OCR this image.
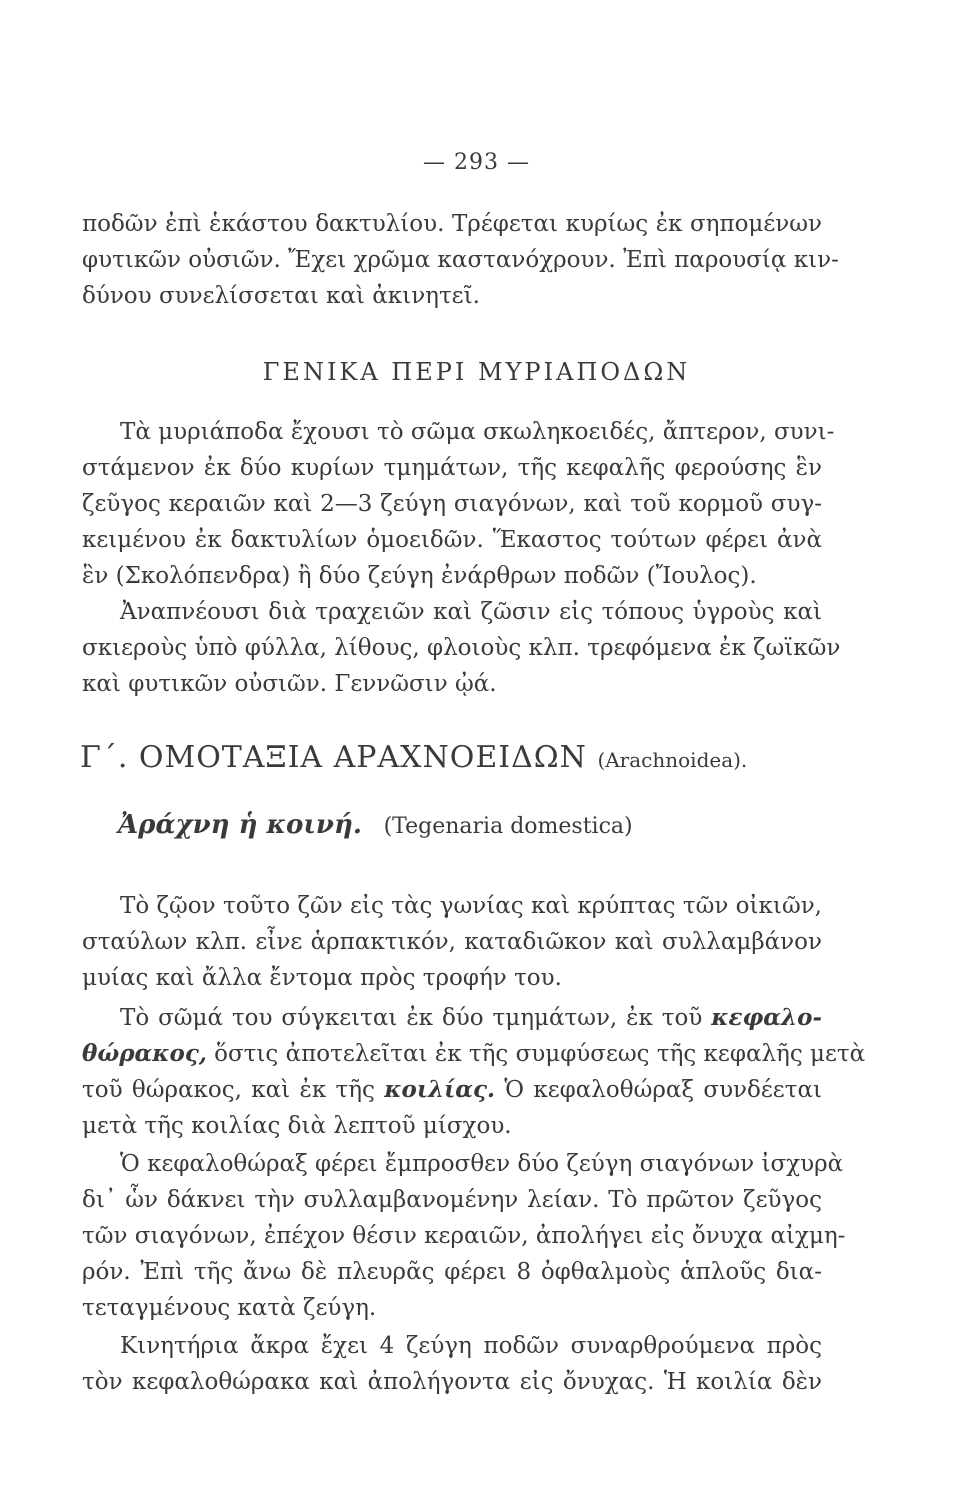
— 293 —
ποδῶν ἐπὶ ἑκάστου δακτυλίου. Τρέφεται κυρίως ἐκ σηπομένων
φυτικῶν οὐσιῶν. Ἔχει χρῶμα καστανόχρουν. Ἐπὶ παρουσίᾳ κιν-
δύνου συνελίσσεται καὶ ἀκινητεῖ.
ΓΕΝΙΚΑ ΠΕΡΙ ΜΥΡΙΑΠΟΔΩΝ
Τὰ μυριάποδα ἔχουσι τὸ σῶμα σκωληκοειδές, ἄπτερον, συνι-
στάμενον ἐκ δύο κυρίων τμημάτων, τῆς κεφαλῆς φερούσης ἓν
ζεῦγος κεραιῶν καὶ 2—3 ζεύγη σιαγόνων, καὶ τοῦ κορμοῦ συγ-
κειμένου ἐκ δακτυλίων ὁμοειδῶν. Ἕκαστος τούτων φέρει ἀνὰ
ἓν (Σκολόπενδρα) ἢ δύο ζεύγη ἐνάρθρων ποδῶν (Ἴουλος).
Ἀναπνέουσι διὰ τραχειῶν καὶ ζῶσιν εἰς τόπους ὑγροὺς καὶ
σκιεροὺς ὑπὸ φύλλα, λίθους, φλοιοὺς κλπ. τρεφόμενα ἐκ ζωϊκῶν
καὶ φυτικῶν οὐσιῶν. Γεννῶσιν ᾠά.
Γ΄. ΟΜΟΤΑΞΙΑ ΑΡΑΧΝΟΕΙΔΩΝ (Arachnoidea).
Ἀράχνη ἡ κοινή. (Tegenaria domestica)
Τὸ ζῷον τοῦτο ζῶν εἰς τὰς γωνίας καὶ κρύπτας τῶν οἰκιῶν,
σταύλων κλπ. εἶνε ἁρπακτικόν, καταδιῶκον καὶ συλλαμβάνον
μυίας καὶ ἄλλα ἔντομα πρὸς τροφήν του.
Τὸ σῶμά του σύγκειται ἐκ δύο τμημάτων, ἐκ τοῦ κεφαλο-
θώρακος, ὅστις ἀποτελεῖται ἐκ τῆς συμφύσεως τῆς κεφαλῆς μετὰ
τοῦ θώρακος, καὶ ἐκ τῆς κοιλίας. Ὁ κεφαλοθώραξ συνδέεται
μετὰ τῆς κοιλίας διὰ λεπτοῦ μίσχου.
Ὁ κεφαλοθώραξ φέρει ἔμπροσθεν δύο ζεύγη σιαγόνων ἰσχυρὰ
δι᾽ ὧν δάκνει τὴν συλλαμβανομένην λείαν. Τὸ πρῶτον ζεῦγος
τῶν σιαγόνων, ἐπέχον θέσιν κεραιῶν, ἀπολήγει εἰς ὄνυχα αἰχμη-
ρόν. Ἐπὶ τῆς ἄνω δὲ πλευρᾶς φέρει 8 ὀφθαλμοὺς ἁπλοῦς δια-
τεταγμένους κατὰ ζεύγη.
Κινητήρια ἄκρα ἔχει 4 ζεύγη ποδῶν συναρθρούμενα πρὸς
τὸν κεφαλοθώρακα καὶ ἀπολήγοντα εἰς ὄνυχας. Ἡ κοιλία δὲν
